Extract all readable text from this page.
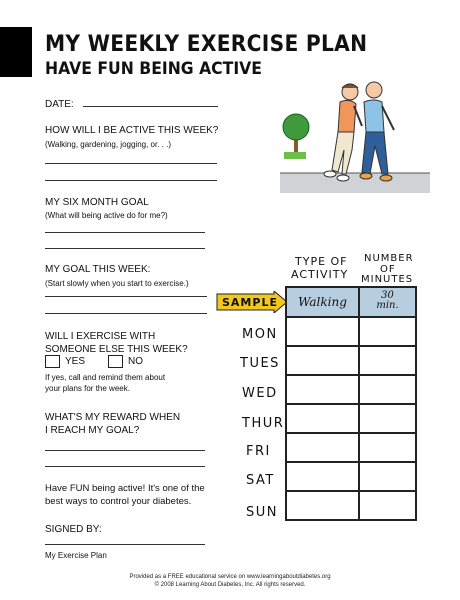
MY WEEKLY EXERCISE PLAN
HAVE FUN BEING ACTIVE
DATE:
HOW WILL I BE ACTIVE THIS WEEK?
(Walking, gardening, jogging, or. . .)
MY SIX MONTH GOAL
(What will being active do for me?)
MY GOAL THIS WEEK:
(Start slowly when you start to exercise.)
WILL I EXERCISE WITH
SOMEONE ELSE THIS WEEK?
YES	NO
If yes, call and remind them about
your plans for the week.
WHAT'S MY REWARD WHEN
I REACH MY GOAL?
Have FUN being active! It's one of the
best ways to control your diabetes.
SIGNED BY:
My Exercise Plan
TYPE OF
ACTIVITY
NUMBER
OF
MINUTES
SAMPLE	Walking	30
min.
MON
TUES
WED
THUR
FRI
SAT
SUN
Provided as a FREE educational service on www.learningaboutdiabetes.org
© 2008 Learning About Diabetes, Inc. All rights reserved.
